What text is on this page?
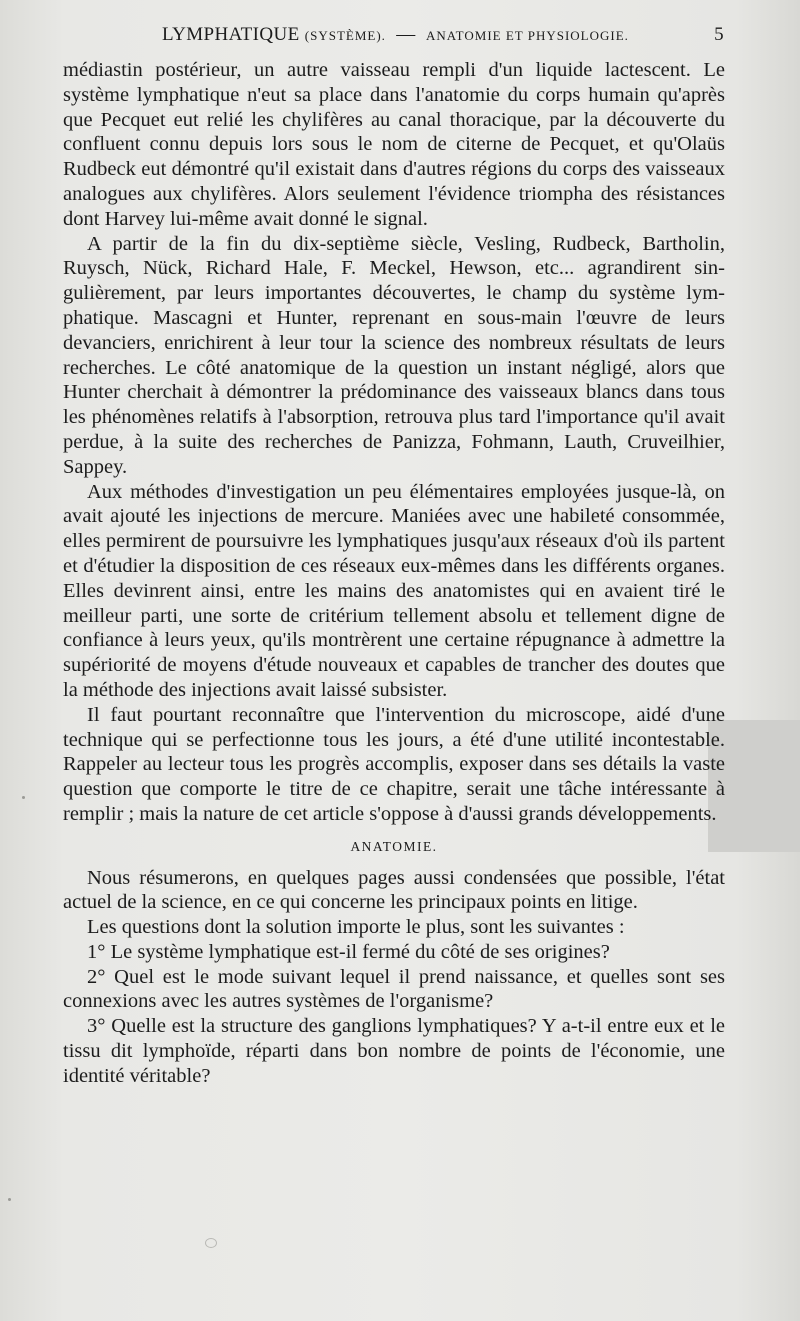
LYMPHATIQUE (SYSTÈME). — ANATOMIE ET PHYSIOLOGIE.	5

médiastin postérieur, un autre vaisseau rempli d'un liquide lactescent. Le système lymphatique n'eut sa place dans l'anatomie du corps humain qu'après que Pecquet eut relié les chylifères au canal thoracique, par la découverte du confluent connu depuis lors sous le nom de citerne de Pecquet, et qu'Olaüs Rudbeck eut démontré qu'il existait dans d'autres régions du corps des vaisseaux analogues aux chylifères. Alors seulement l'évidence triompha des résistances dont Harvey lui-même avait donné le signal.

A partir de la fin du dix-septième siècle, Vesling, Rudbeck, Bartholin, Ruysch, Nück, Richard Hale, F. Meckel, Hewson, etc... agrandirent singulièrement, par leurs importantes découvertes, le champ du système lymphatique. Mascagni et Hunter, reprenant en sous-main l'œuvre de leurs devanciers, enrichirent à leur tour la science des nombreux résultats de leurs recherches. Le côté anatomique de la question un instant négligé, alors que Hunter cherchait à démontrer la prédominance des vaisseaux blancs dans tous les phénomènes relatifs à l'absorption, retrouva plus tard l'importance qu'il avait perdue, à la suite des recherches de Panizza, Fohmann, Lauth, Cruveilhier, Sappey.

Aux méthodes d'investigation un peu élémentaires employées jusque-là, on avait ajouté les injections de mercure. Maniées avec une habileté consommée, elles permirent de poursuivre les lymphatiques jusqu'aux réseaux d'où ils partent et d'étudier la disposition de ces réseaux eux-mêmes dans les différents organes. Elles devinrent ainsi, entre les mains des anatomistes qui en avaient tiré le meilleur parti, une sorte de critérium tellement absolu et tellement digne de confiance à leurs yeux, qu'ils montrèrent une certaine répugnance à admettre la supériorité de moyens d'étude nouveaux et capables de trancher des doutes que la méthode des injections avait laissé subsister.

Il faut pourtant reconnaître que l'intervention du microscope, aidé d'une technique qui se perfectionne tous les jours, a été d'une utilité incontestable. Rappeler au lecteur tous les progrès accomplis, exposer dans ses détails la vaste question que comporte le titre de ce chapitre, serait une tâche intéressante à remplir ; mais la nature de cet article s'oppose à d'aussi grands développements.

ANATOMIE.

Nous résumerons, en quelques pages aussi condensées que possible, l'état actuel de la science, en ce qui concerne les principaux points en litige.

Les questions dont la solution importe le plus, sont les suivantes :

1° Le système lymphatique est-il fermé du côté de ses origines?

2° Quel est le mode suivant lequel il prend naissance, et quelles sont ses connexions avec les autres systèmes de l'organisme?

3° Quelle est la structure des ganglions lymphatiques? Y a-t-il entre eux et le tissu dit lymphoïde, réparti dans bon nombre de points de l'économie, une identité véritable?
